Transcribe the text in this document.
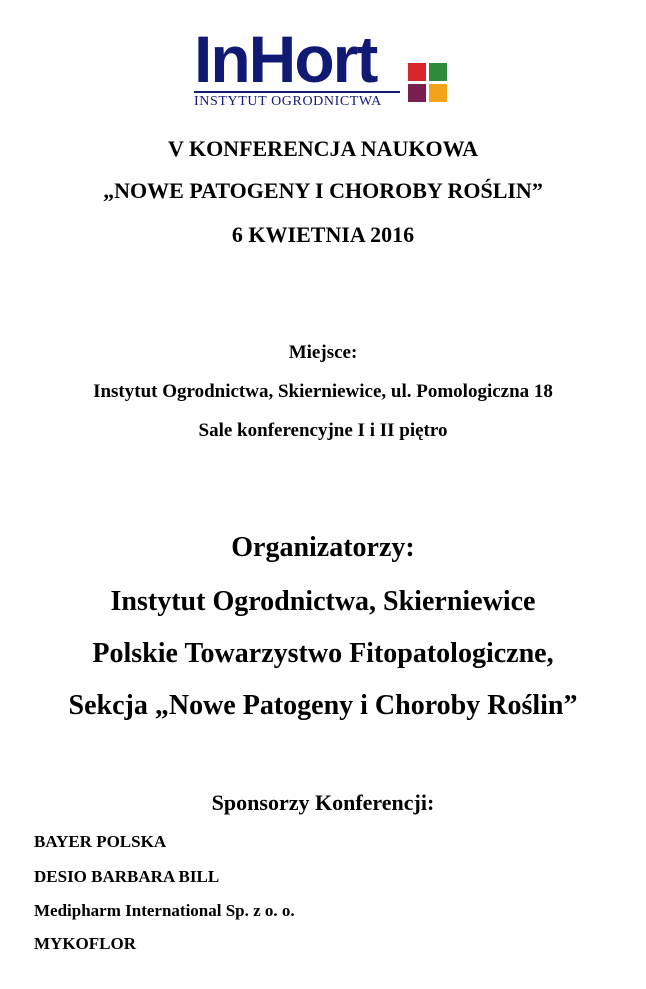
InHort
INSTYTUT OGRODNICTWA
V KONFERENCJA NAUKOWA
„NOWE PATOGENY I CHOROBY ROŚLIN”
6 KWIETNIA 2016
Miejsce:
Instytut Ogrodnictwa, Skierniewice, ul. Pomologiczna 18
Sale konferencyjne I i II piętro
Organizatorzy:
Instytut Ogrodnictwa, Skierniewice
Polskie Towarzystwo Fitopatologiczne,
Sekcja „Nowe Patogeny i Choroby Roślin”
Sponsorzy Konferencji:
BAYER POLSKA
DESIO BARBARA BILL
Medipharm International Sp. z o. o.
MYKOFLOR
